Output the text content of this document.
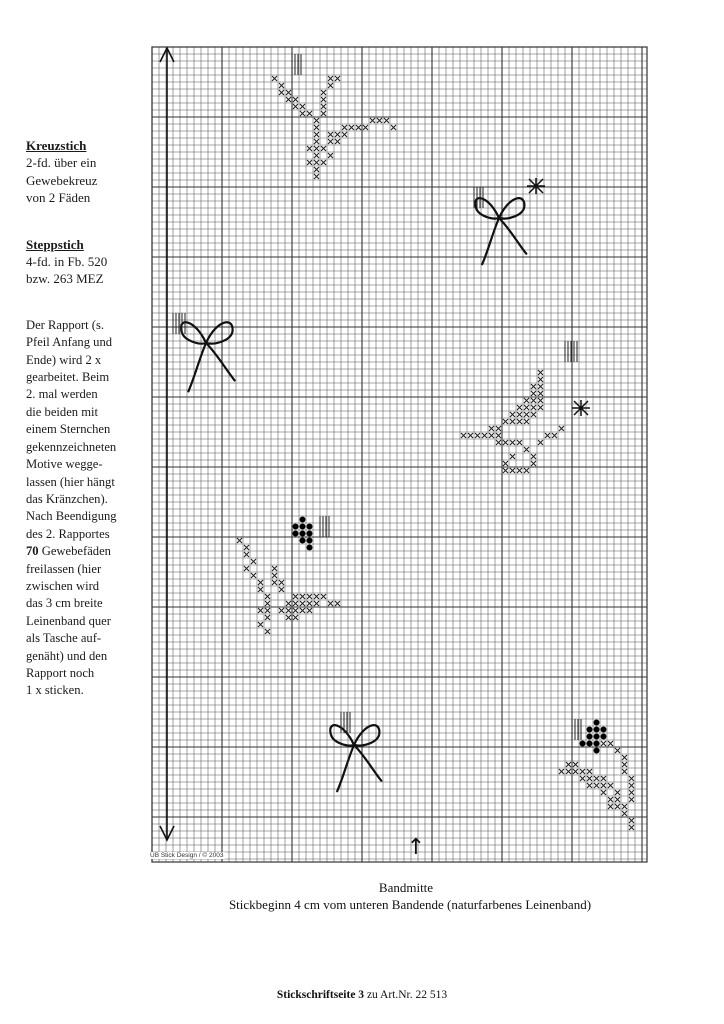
Kreuzstich
2-fd. über ein
Gewebekreuz
von 2 Fäden
Steppstich
4-fd. in Fb. 520
bzw. 263 MEZ
Der Rapport (s.
Pfeil Anfang und
Ende) wird 2 x
gearbeitet. Beim
2. mal werden
die beiden mit
einem Sternchen
gekennzeichneten
Motive wegge-
lassen (hier hängt
das Kränzchen).
Nach Beendigung
des 2. Rapportes
70 Gewebefäden
freilassen (hier
zwischen wird
das 3 cm breite
Leinenband quer
als Tasche auf-
genäht) und den
Rapport noch
1 x sticken.
↑
UB Stick Design / © 2003
Bandmitte
Stickbeginn 4 cm vom unteren Bandende (naturfarbenes Leinenband)
Stickschriftseite 3 zu Art.Nr. 22 513
